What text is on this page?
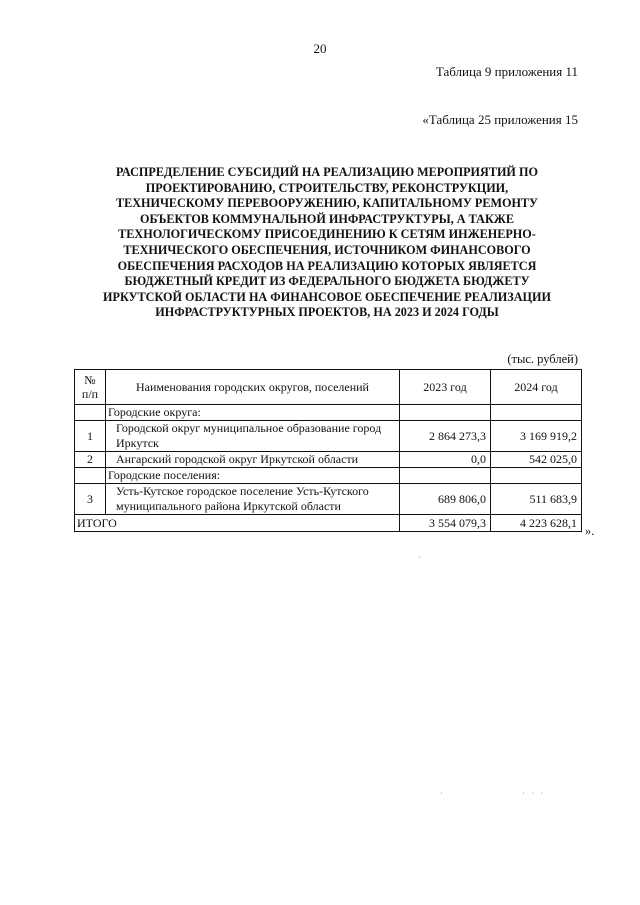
20
Таблица 9 приложения 11
«Таблица 25 приложения 15
РАСПРЕДЕЛЕНИЕ СУБСИДИЙ НА РЕАЛИЗАЦИЮ МЕРОПРИЯТИЙ ПО
ПРОЕКТИРОВАНИЮ, СТРОИТЕЛЬСТВУ, РЕКОНСТРУКЦИИ,
ТЕХНИЧЕСКОМУ ПЕРЕВООРУЖЕНИЮ, КАПИТАЛЬНОМУ РЕМОНТУ
ОБЪЕКТОВ КОММУНАЛЬНОЙ ИНФРАСТРУКТУРЫ, А ТАКЖЕ
ТЕХНОЛОГИЧЕСКОМУ ПРИСОЕДИНЕНИЮ К СЕТЯМ ИНЖЕНЕРНО-
ТЕХНИЧЕСКОГО ОБЕСПЕЧЕНИЯ, ИСТОЧНИКОМ ФИНАНСОВОГО
ОБЕСПЕЧЕНИЯ РАСХОДОВ НА РЕАЛИЗАЦИЮ КОТОРЫХ ЯВЛЯЕТСЯ
БЮДЖЕТНЫЙ КРЕДИТ ИЗ ФЕДЕРАЛЬНОГО БЮДЖЕТА БЮДЖЕТУ
ИРКУТСКОЙ ОБЛАСТИ НА ФИНАНСОВОЕ ОБЕСПЕЧЕНИЕ РЕАЛИЗАЦИИ
ИНФРАСТРУКТУРНЫХ ПРОЕКТОВ, НА 2023 И 2024 ГОДЫ
(тыс. рублей)
№
п/п	Наименования городских округов, поселений	2023 год	2024 год
	Городские округа:		
1	Городской округ муниципальное образование город Иркутск	2 864 273,3	3 169 919,2
2	Ангарский городской округ Иркутской области	0,0	542 025,0
	Городские поселения:		
3	Усть-Кутское городское поселение Усть-Кутского муниципального района Иркутской области	689 806,0	511 683,9
ИТОГО		3 554 079,3	4 223 628,1
».
·
·	· · ·
